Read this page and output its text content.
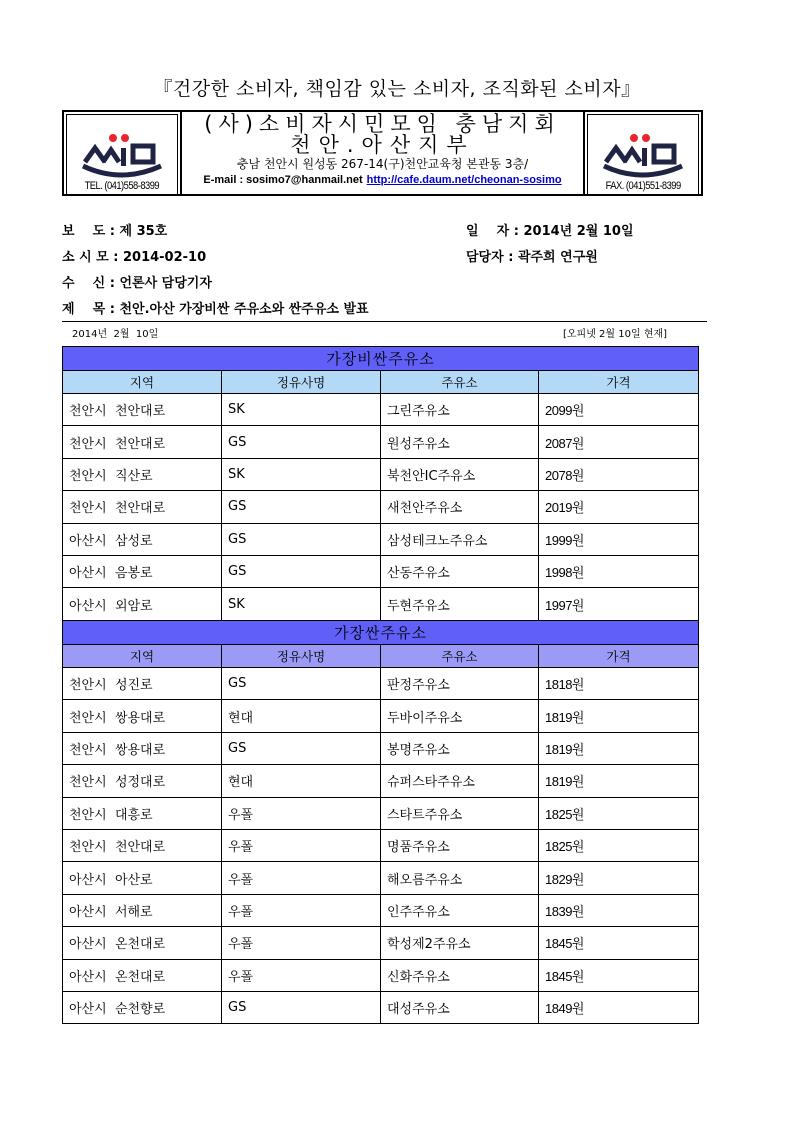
『건강한 소비자, 책임감 있는 소비자, 조직화된 소비자』
TEL. (041)558-8399
(사)소비자시민모임 충남지회
천안.아산지부
충남 천안시 원성동 267-14(구)천안교육청 본관동 3층/
E-mail : sosimo7@hanmail.net http://cafe.daum.net/cheonan-sosimo	FAX. (041)551-8399
보    도 : 제 35호
소 시 모 : 2014-02-10
수    신 : 언론사 담당기자
제    목 : 천안.아산 가장비싼 주유소와 싼주유소 발표
일    자 : 2014년 2월 10일
담당자 : 곽주희 연구원
2014년  2월  10일	[오피넷 2월 10일 현재]
가장비싼주유소			
지역	정유사명	주유소	가격
천안시  천안대로	SK	그린주유소	2099원
천안시  천안대로	GS	원성주유소	2087원
천안시  직산로	SK	북천안IC주유소	2078원
천안시  천안대로	GS	새천안주유소	2019원
아산시  삼성로	GS	삼성테크노주유소	1999원
아산시  음봉로	GS	산동주유소	1998원
아산시  외암로	SK	두현주유소	1997원
가장싼주유소			
지역	정유사명	주유소	가격
천안시  성진로	GS	판정주유소	1818원
천안시  쌍용대로	현대	두바이주유소	1819원
천안시  쌍용대로	GS	봉명주유소	1819원
천안시  성정대로	현대	슈퍼스타주유소	1819원
천안시  대흥로	우폴	스타트주유소	1825원
천안시  천안대로	우폴	명품주유소	1825원
아산시  아산로	우폴	해오름주유소	1829원
아산시  서해로	우폴	인주주유소	1839원
아산시  온천대로	우폴	학성제2주유소	1845원
아산시  온천대로	우폴	신화주유소	1845원
아산시  순천향로	GS	대성주유소	1849원
